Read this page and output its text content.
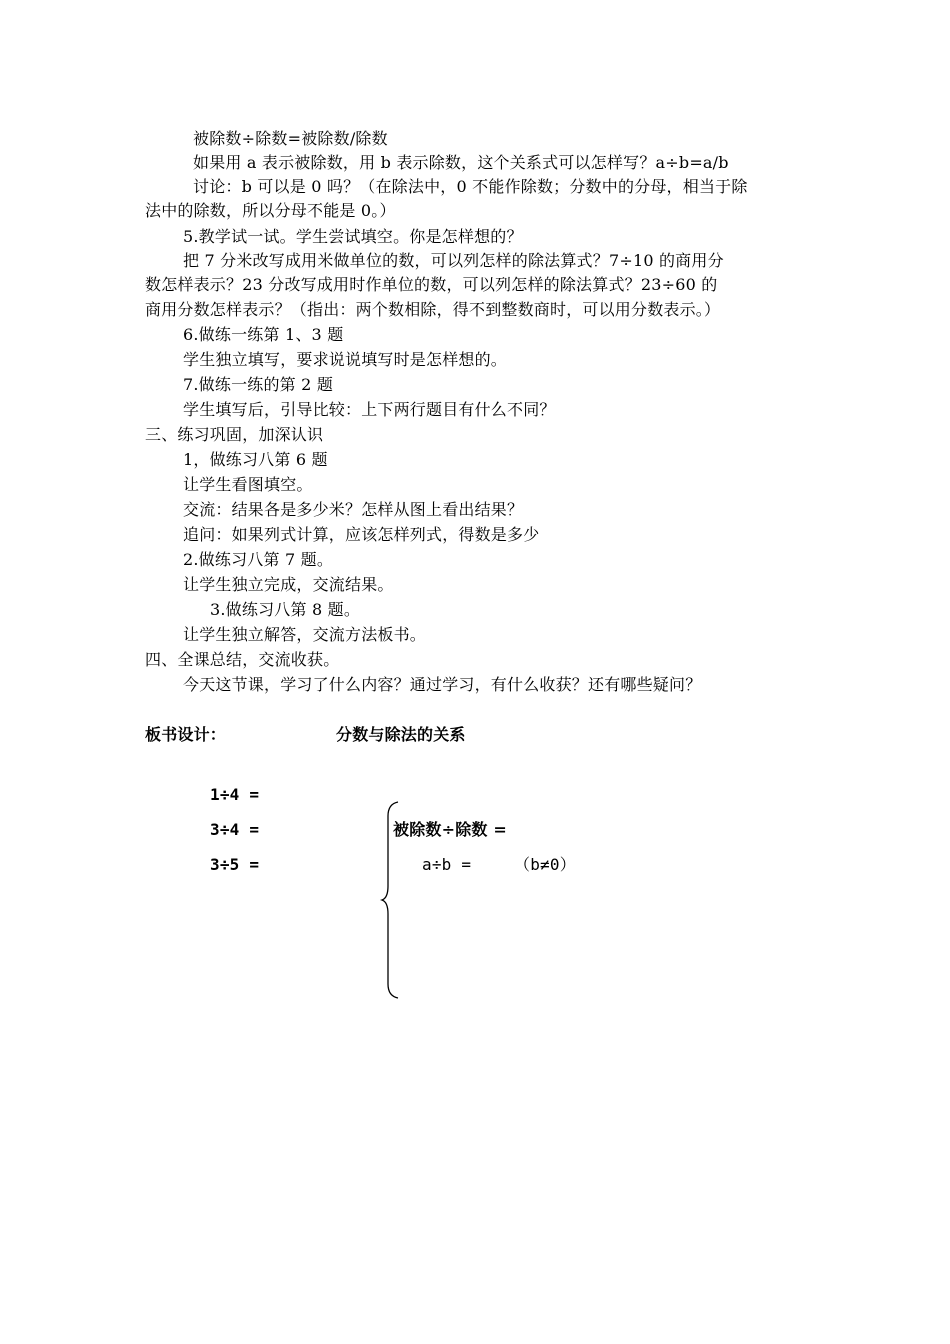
被除数÷除数=被除数/除数
如果用 a 表示被除数，用 b 表示除数，这个关系式可以怎样写？a÷b=a/b
讨论：b 可以是 0 吗？（在除法中，0 不能作除数；分数中的分母，相当于除
法中的除数，所以分母不能是 0。）
5.教学试一试。学生尝试填空。你是怎样想的？
把 7 分米改写成用米做单位的数，可以列怎样的除法算式？7÷10 的商用分
数怎样表示？23 分改写成用时作单位的数，可以列怎样的除法算式？23÷60 的
商用分数怎样表示？（指出：两个数相除，得不到整数商时，可以用分数表示。）
6.做练一练第 1、3 题
学生独立填写，要求说说填写时是怎样想的。
7.做练一练的第 2 题
学生填写后，引导比较：上下两行题目有什么不同？
三、练习巩固，加深认识
1，做练习八第 6 题
让学生看图填空。
交流：结果各是多少米？怎样从图上看出结果？
追问：如果列式计算，应该怎样列式，得数是多少
2.做练习八第 7 题。
让学生独立完成，交流结果。
3.做练习八第 8 题。
让学生独立解答，交流方法板书。
四、全课总结，交流收获。
今天这节课，学习了什么内容？通过学习，有什么收获？还有哪些疑问？
板书设计：	分数与除法的关系
1÷4 =
3÷4 =
3÷5 =
被除数÷除数 =
a÷b =	（b≠0）
